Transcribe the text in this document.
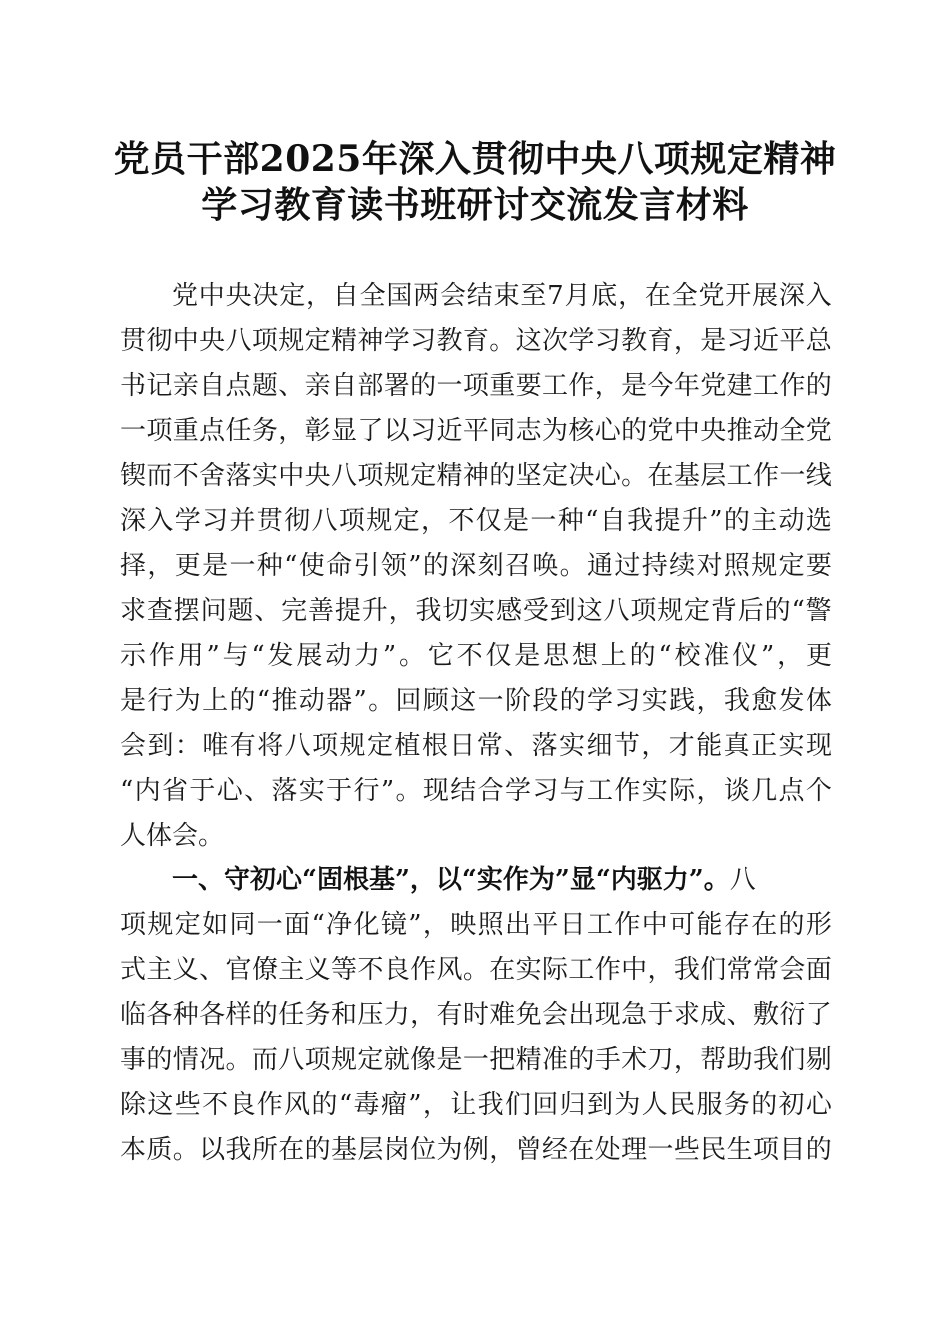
党员干部2025年深入贯彻中央八项规定精神
学习教育读书班研讨交流发言材料
党 中 央 决 定 ， 自 全 国 两 会 结 束 至 7 月 底 ， 在 全 党 开 展 深 入
贯 彻 中 央 八 项 规 定 精 神 学 习 教 育 。 这 次 学 习 教 育 ， 是 习 近 平 总
书 记 亲 自 点 题 、 亲 自 部 署 的 一 项 重 要 工 作 ， 是 今 年 党 建 工 作 的
一 项 重 点 任 务 ， 彰 显 了 以 习 近 平 同 志 为 核 心 的 党 中 央 推 动 全 党
锲 而 不 舍 落 实 中 央 八 项 规 定 精 神 的 坚 定 决 心 。 在 基 层 工 作 一 线
深 入 学 习 并 贯 彻 八 项 规 定 ， 不 仅 是 一 种 “ 自 我 提 升 ” 的 主 动 选
择 ， 更 是 一 种 “ 使 命 引 领 ” 的 深 刻 召 唤 。 通 过 持 续 对 照 规 定 要
求 查 摆 问 题 、 完 善 提 升 ， 我 切 实 感 受 到 这 八 项 规 定 背 后 的 “ 警
示 作 用 ” 与 “ 发 展 动 力 ” 。 它 不 仅 是 思 想 上 的 “ 校 准 仪 ” ， 更
是 行 为 上 的 “ 推 动 器 ” 。 回 顾 这 一 阶 段 的 学 习 实 践 ， 我 愈 发 体
会 到 ： 唯 有 将 八 项 规 定 植 根 日 常 、 落 实 细 节 ， 才 能 真 正 实 现
“ 内 省 于 心 、 落 实 于 行 ” 。 现 结 合 学 习 与 工 作 实 际 ， 谈 几 点 个
人体会。
一、守初心“固根基”，以“实作为”显“内驱力”。 八
项 规 定 如 同 一 面 “ 净 化 镜 ” ， 映 照 出 平 日 工 作 中 可 能 存 在 的 形
式 主 义 、 官 僚 主 义 等 不 良 作 风 。 在 实 际 工 作 中 ， 我 们 常 常 会 面
临 各 种 各 样 的 任 务 和 压 力 ， 有 时 难 免 会 出 现 急 于 求 成 、 敷 衍 了
事 的 情 况 。 而 八 项 规 定 就 像 是 一 把 精 准 的 手 术 刀 ， 帮 助 我 们 剔
除 这 些 不 良 作 风 的 “ 毒 瘤 ” ， 让 我 们 回 归 到 为 人 民 服 务 的 初 心
本 质 。 以 我 所 在 的 基 层 岗 位 为 例 ， 曾 经 在 处 理 一 些 民 生 项 目 的
